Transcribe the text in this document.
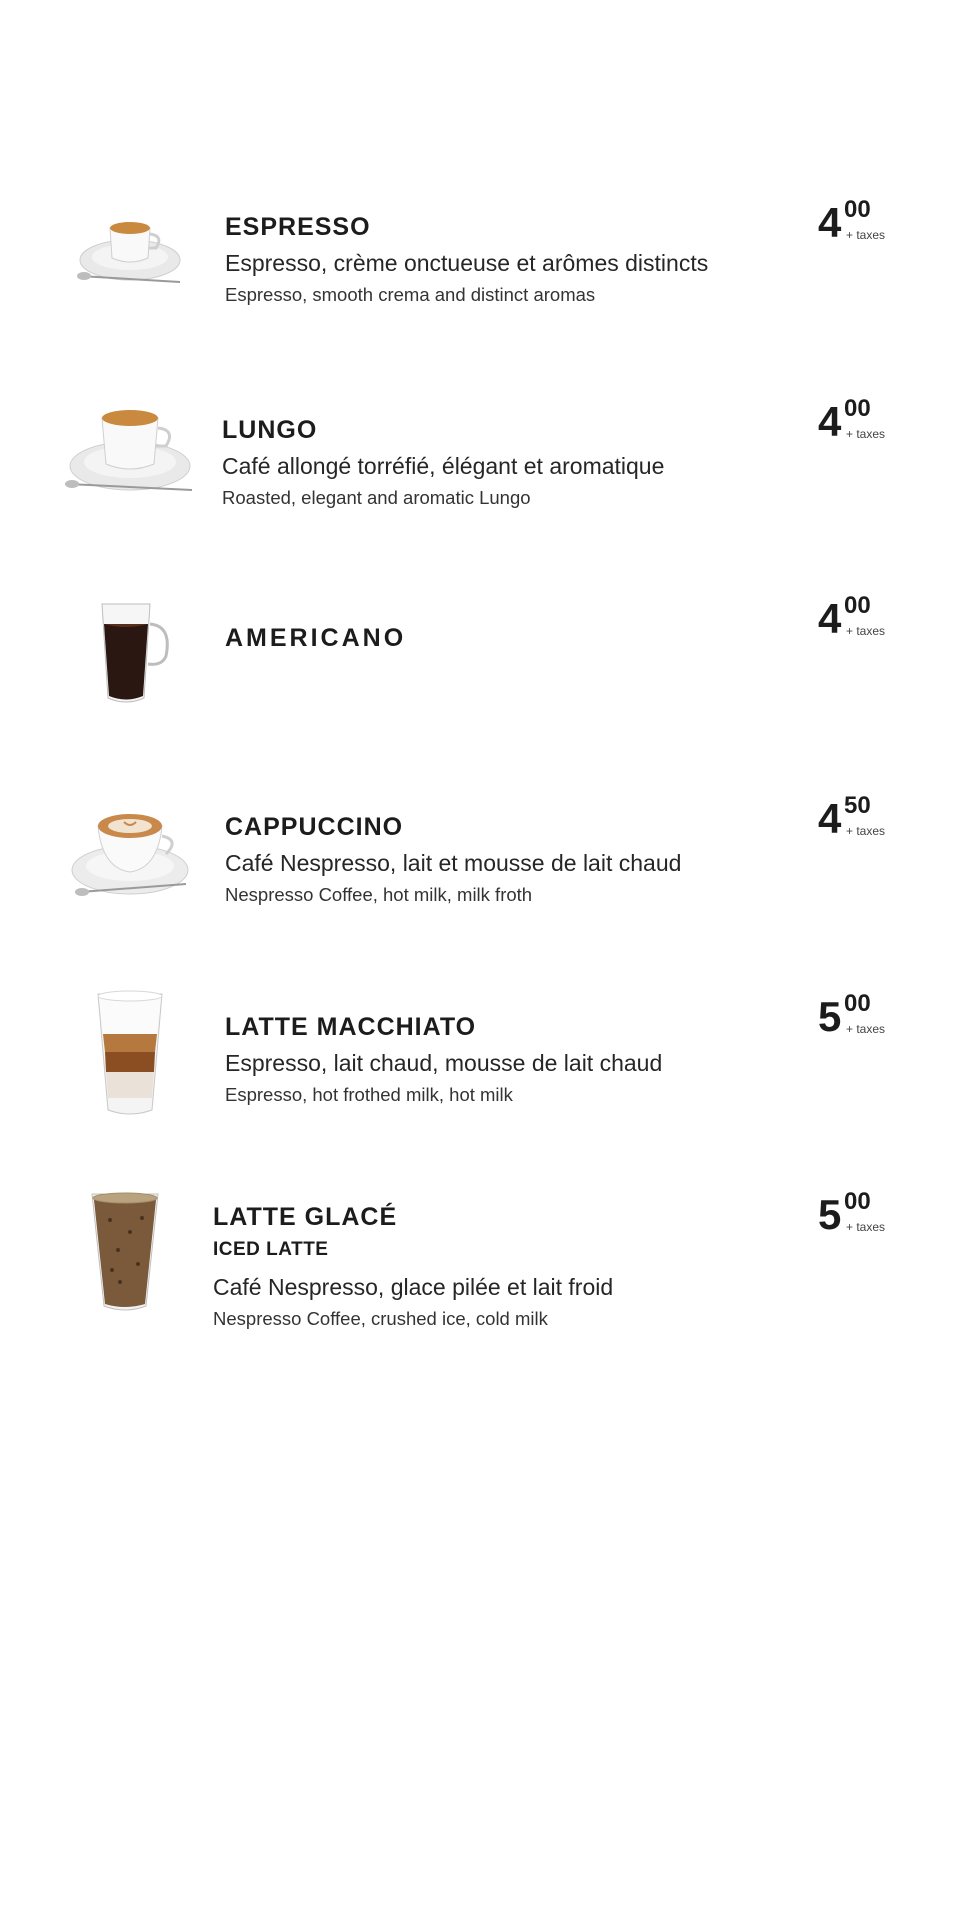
ESPRESSO

Espresso, crème onctueuse et arômes distincts

Espresso, smooth crema and distinct aromas

4 00
+ taxes

LUNGO

Café allongé torréfié, élégant et aromatique

Roasted, elegant and aromatic Lungo

4 00
+ taxes

AMERICANO	4 00
+ taxes

CAPPUCCINO

Café Nespresso, lait et mousse de lait chaud

Nespresso Coffee, hot milk, milk froth

4 50
+ taxes

LATTE MACCHIATO

Espresso, lait chaud, mousse de lait chaud

Espresso, hot frothed milk, hot milk

5 00
+ taxes

LATTE GLACÉ

ICED LATTE

Café Nespresso, glace pilée et lait froid

Nespresso Coffee, crushed ice, cold milk

5 00
+ taxes
